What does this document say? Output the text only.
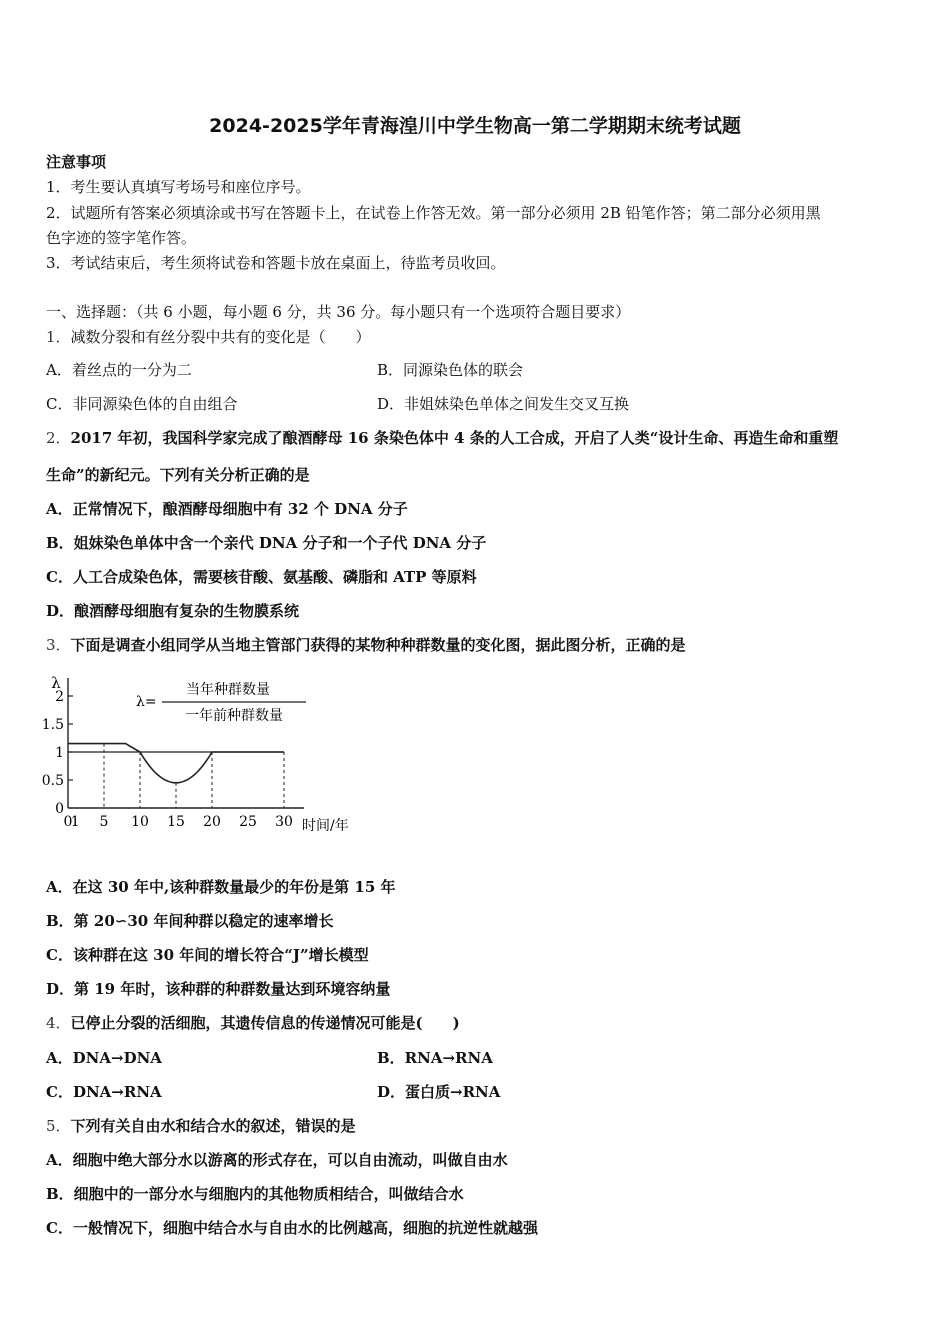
2024-2025学年青海湟川中学生物高一第二学期期末统考试题
注意事项
1．考生要认真填写考场号和座位序号。
2．试题所有答案必须填涂或书写在答题卡上，在试卷上作答无效。第一部分必须用 2B 铅笔作答；第二部分必须用黑
色字迹的签字笔作答。
3．考试结束后，考生须将试卷和答题卡放在桌面上，待监考员收回。
一、选择题：（共 6 小题，每小题 6 分，共 36 分。每小题只有一个选项符合题目要求）
1．减数分裂和有丝分裂中共有的变化是（　　）
A．着丝点的一分为二	B．同源染色体的联会
C．非同源染色体的自由组合	D．非姐妹染色单体之间发生交叉互换
2．2017 年初，我国科学家完成了酿酒酵母 16 条染色体中 4 条的人工合成，开启了人类“设计生命、再造生命和重塑
生命”的新纪元。下列有关分析正确的是
A．正常情况下，酿酒酵母细胞中有 32 个 DNA 分子
B．姐妹染色单体中含一个亲代 DNA 分子和一个子代 DNA 分子
C．人工合成染色体，需要核苷酸、氨基酸、磷脂和 ATP 等原料
D．酿酒酵母细胞有复杂的生物膜系统
3．下面是调查小组同学从当地主管部门获得的某物种种群数量的变化图，据此图分析，正确的是
λ
λ=
当年种群数量
一年前种群数量
时间/年
0
0.5
1
1.5
2
0
1 5 10 15 20 25 30
A．在这 30 年中,该种群数量最少的年份是第 15 年
B．第 20∽30 年间种群以稳定的速率增长
C．该种群在这 30 年间的增长符合“J”增长模型
D．第 19 年时，该种群的种群数量达到环境容纳量
4．已停止分裂的活细胞，其遗传信息的传递情况可能是(　　)
A．DNA→DNA	B．RNA→RNA
C．DNA→RNA	D．蛋白质→RNA
5．下列有关自由水和结合水的叙述，错误的是
A．细胞中绝大部分水以游离的形式存在，可以自由流动，叫做自由水
B．细胞中的一部分水与细胞内的其他物质相结合，叫做结合水
C．一般情况下，细胞中结合水与自由水的比例越高，细胞的抗逆性就越强
